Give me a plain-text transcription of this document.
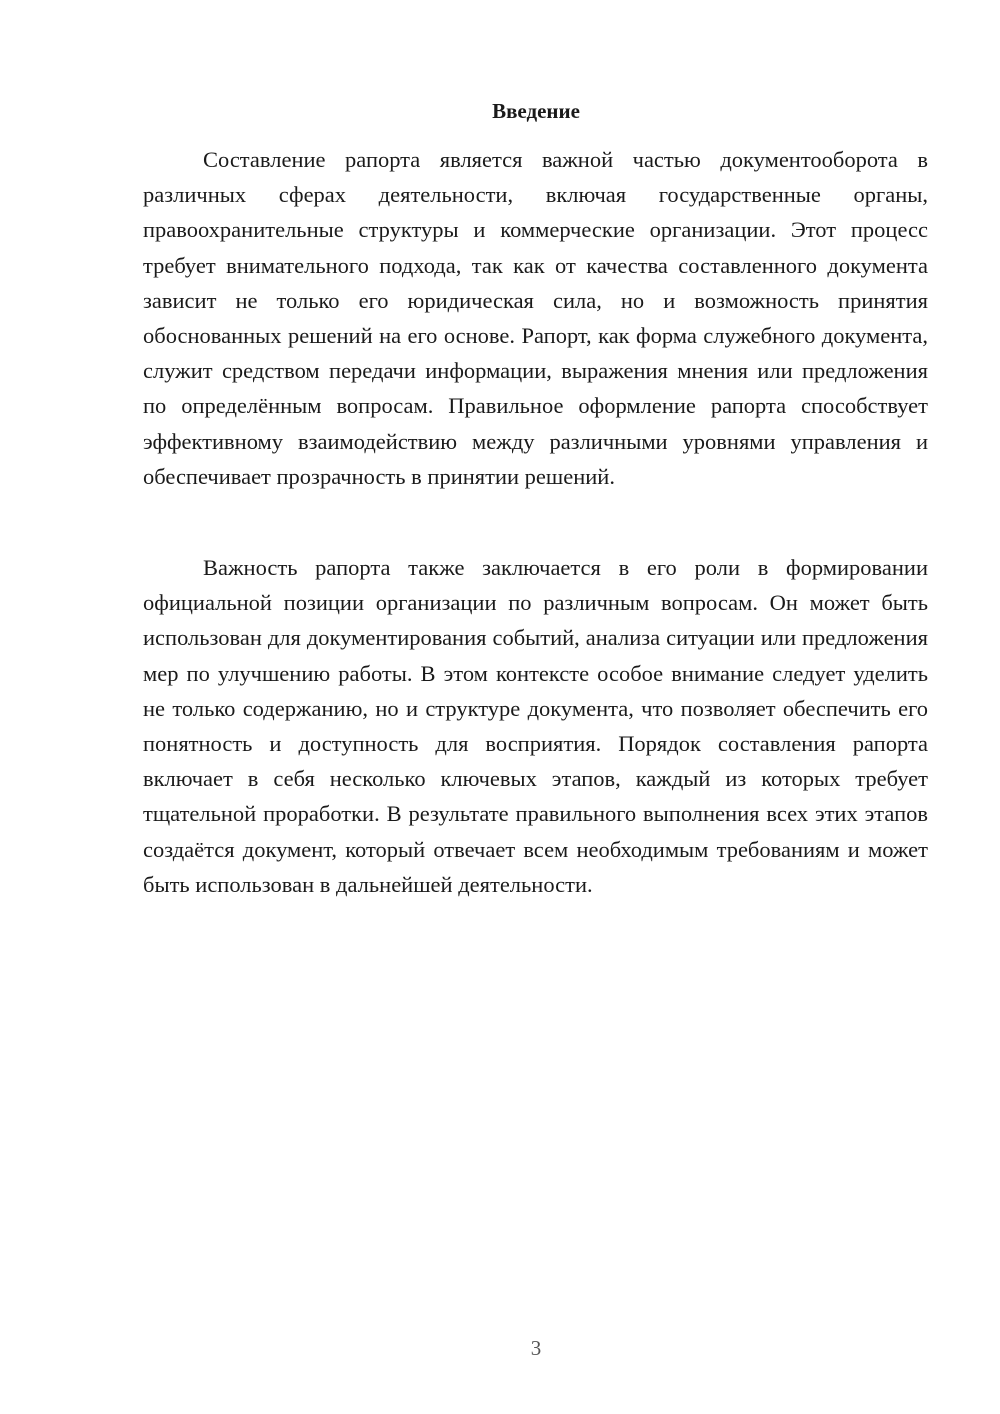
Введение

Составление рапорта является важной частью документооборота в различных сферах деятельности, включая государственные органы, правоохранительные структуры и коммерческие организации. Этот процесс требует внимательного подхода, так как от качества составленного документа зависит не только его юридическая сила, но и возможность принятия обоснованных решений на его основе. Рапорт, как форма служебного документа, служит средством передачи информации, выражения мнения или предложения по определённым вопросам. Правильное оформление рапорта способствует эффективному взаимодействию между различными уровнями управления и обеспечивает прозрачность в принятии решений.

Важность рапорта также заключается в его роли в формировании официальной позиции организации по различным вопросам. Он может быть использован для документирования событий, анализа ситуации или предложения мер по улучшению работы. В этом контексте особое внимание следует уделить не только содержанию, но и структуре документа, что позволяет обеспечить его понятность и доступность для восприятия. Порядок составления рапорта включает в себя несколько ключевых этапов, каждый из которых требует тщательной проработки. В результате правильного выполнения всех этих этапов создаётся документ, который отвечает всем необходимым требованиям и может быть использован в дальнейшей деятельности.

3
